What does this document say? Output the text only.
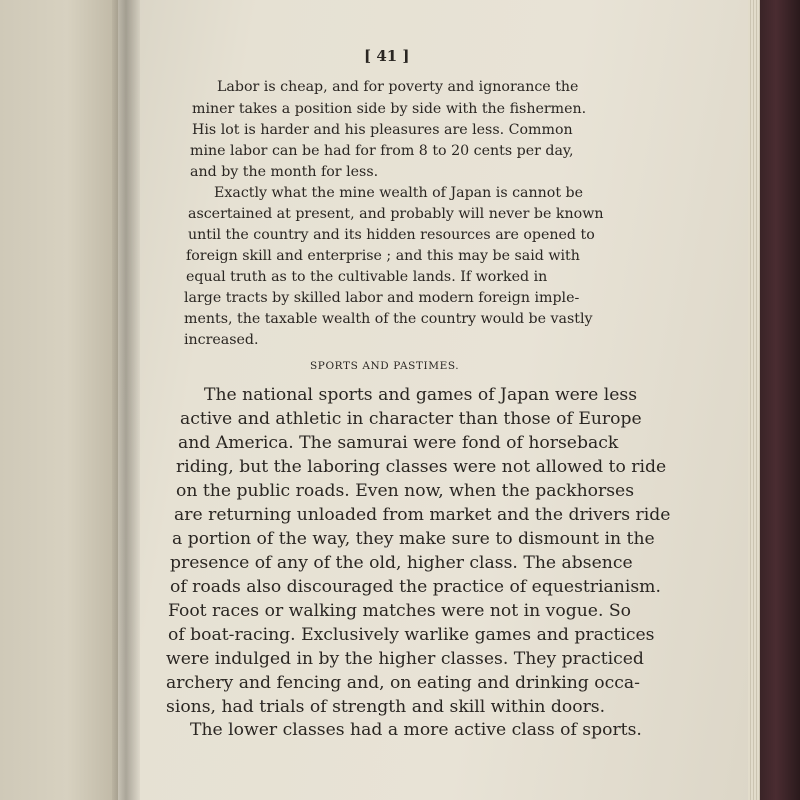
[ 41 ]
Labor is cheap, and for poverty and ignorance the
miner takes a position side by side with the fishermen.
His lot is harder and his pleasures are less. Common
mine labor can be had for from 8 to 20 cents per day,
and by the month for less.
Exactly what the mine wealth of Japan is cannot be
ascertained at present, and probably will never be known
until the country and its hidden resources are opened to
foreign skill and enterprise ; and this may be said with
equal truth as to the cultivable lands. If worked in
large tracts by skilled labor and modern foreign imple-
ments, the taxable wealth of the country would be vastly
increased.
SPORTS AND PASTIMES.
The national sports and games of Japan were less
active and athletic in character than those of Europe
and America. The samurai were fond of horseback
riding, but the laboring classes were not allowed to ride
on the public roads. Even now, when the packhorses
are returning unloaded from market and the drivers ride
a portion of the way, they make sure to dismount in the
presence of any of the old, higher class. The absence
of roads also discouraged the practice of equestrianism.
Foot races or walking matches were not in vogue. So
of boat-racing. Exclusively warlike games and practices
were indulged in by the higher classes. They practiced
archery and fencing and, on eating and drinking occa-
sions, had trials of strength and skill within doors.
The lower classes had a more active class of sports.
